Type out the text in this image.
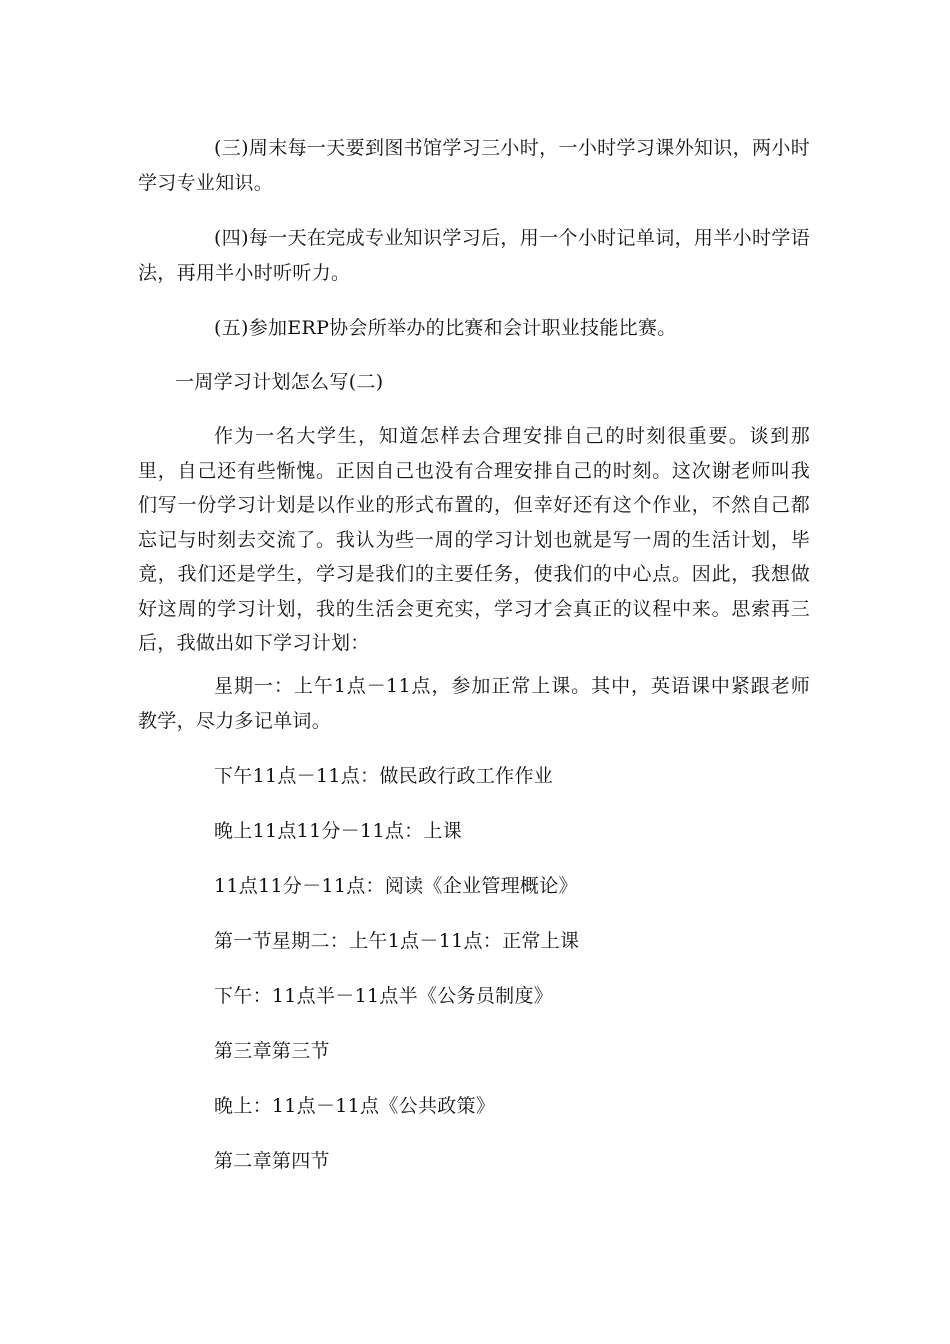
(三)周末每一天要到图书馆学习三小时，一小时学习课外知识，两小时学习专业知识。

(四)每一天在完成专业知识学习后，用一个小时记单词，用半小时学语法，再用半小时听听力。

(五)参加ERP协会所举办的比赛和会计职业技能比赛。

一周学习计划怎么写(二)

作为一名大学生，知道怎样去合理安排自己的时刻很重要。谈到那里，自己还有些惭愧。正因自己也没有合理安排自己的时刻。这次谢老师叫我们写一份学习计划是以作业的形式布置的，但幸好还有这个作业，不然自己都忘记与时刻去交流了。我认为些一周的学习计划也就是写一周的生活计划，毕竟，我们还是学生，学习是我们的主要任务，使我们的中心点。因此，我想做好这周的学习计划，我的生活会更充实，学习才会真正的议程中来。思索再三后，我做出如下学习计划：

星期一：上午1点－11点，参加正常上课。其中，英语课中紧跟老师教学，尽力多记单词。

下午11点－11点：做民政行政工作作业

晚上11点11分－11点：上课

11点11分－11点：阅读《企业管理概论》

第一节星期二：上午1点－11点：正常上课

下午：11点半－11点半《公务员制度》

第三章第三节

晚上：11点－11点《公共政策》

第二章第四节
